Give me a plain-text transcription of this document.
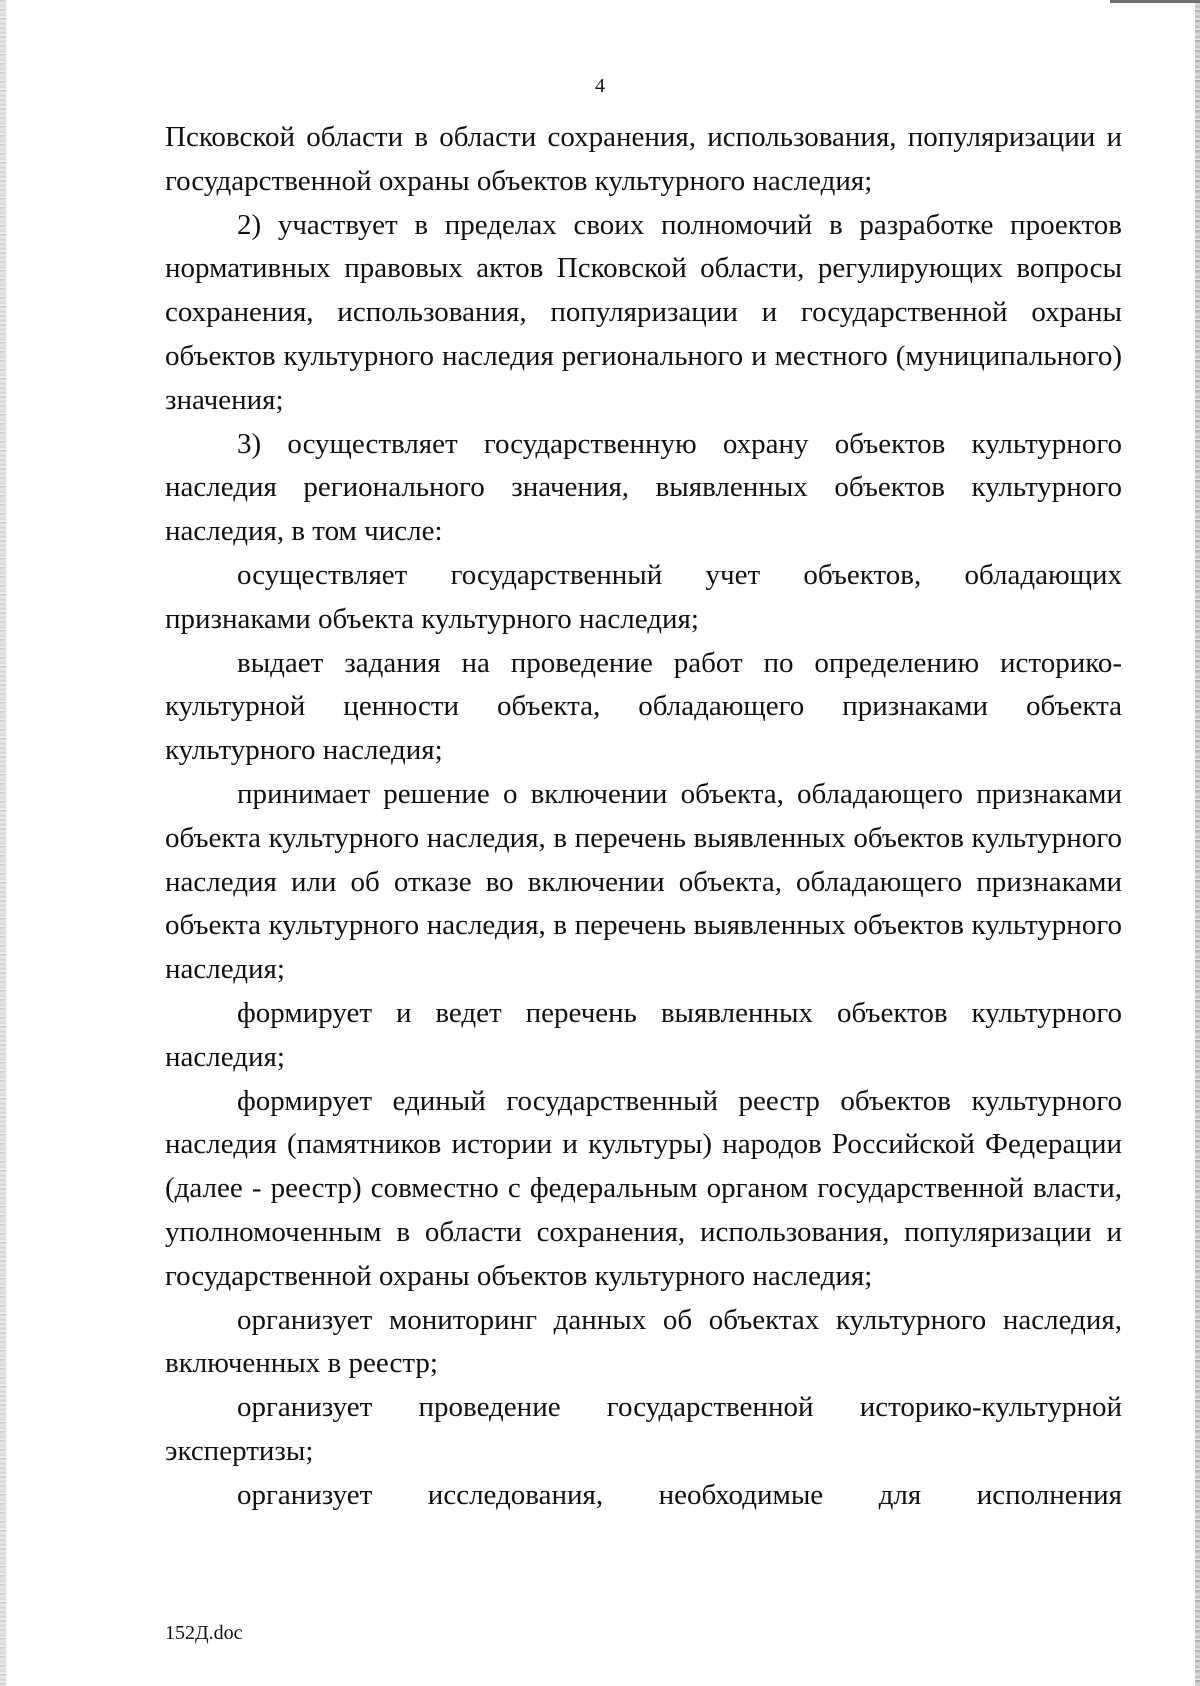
4

Псковской области в области сохранения, использования, популяризации и государственной охраны объектов культурного наследия;

2) участвует в пределах своих полномочий в разработке проектов нормативных правовых актов Псковской области, регулирующих вопросы сохранения, использования, популяризации и государственной охраны объектов культурного наследия регионального и местного (муниципального) значения;

3) осуществляет государственную охрану объектов культурного наследия регионального значения, выявленных объектов культурного наследия, в том числе:

осуществляет государственный учет объектов, обладающих признаками объекта культурного наследия;

выдает задания на проведение работ по определению историко-культурной ценности объекта, обладающего признаками объекта культурного наследия;

принимает решение о включении объекта, обладающего признаками объекта культурного наследия, в перечень выявленных объектов культурного наследия или об отказе во включении объекта, обладающего признаками объекта культурного наследия, в перечень выявленных объектов культурного наследия;

формирует и ведет перечень выявленных объектов культурного наследия;

формирует единый государственный реестр объектов культурного наследия (памятников истории и культуры) народов Российской Федерации (далее - реестр) совместно с федеральным органом государственной власти, уполномоченным в области сохранения, использования, популяризации и государственной охраны объектов культурного наследия;

организует мониторинг данных об объектах культурного наследия, включенных в реестр;

организует проведение государственной историко-культурной экспертизы;

организует исследования, необходимые для исполнения

152Д.doc
